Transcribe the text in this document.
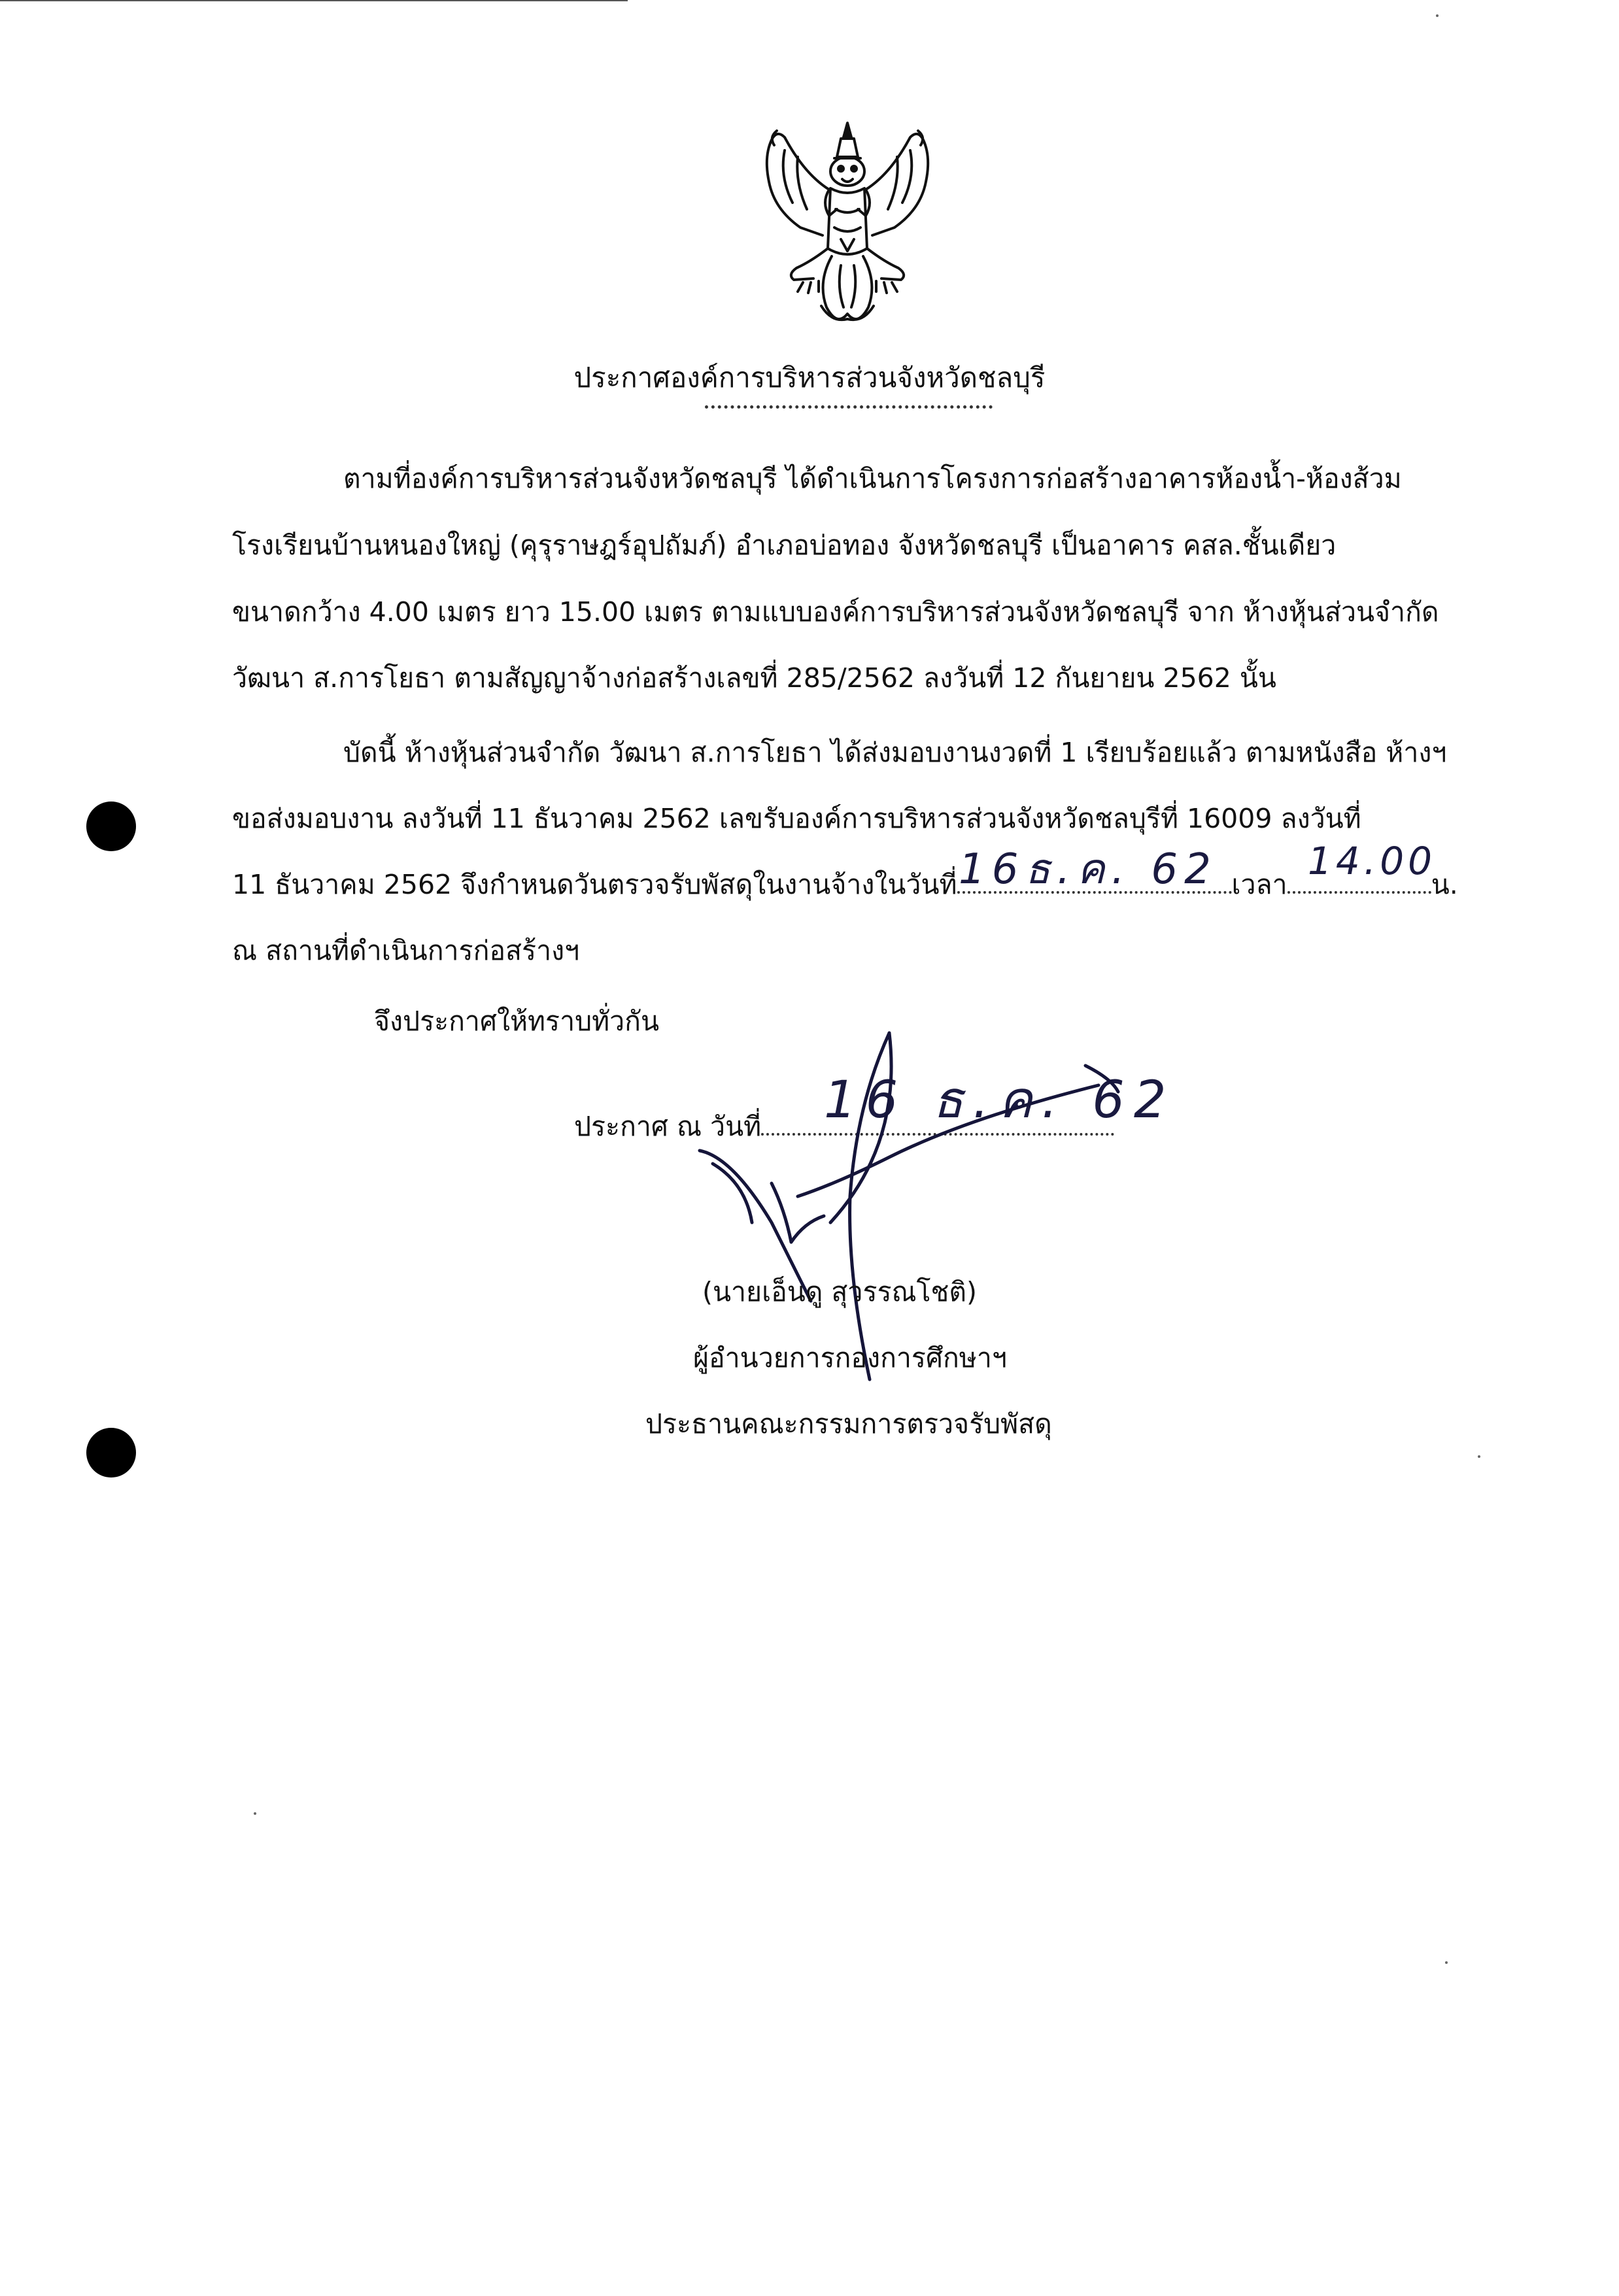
ประกาศองค์การบริหารส่วนจังหวัดชลบุรี
ตามที่องค์การบริหารส่วนจังหวัดชลบุรี ได้ดำเนินการโครงการก่อสร้างอาคารห้องน้ำ-ห้องส้วม
โรงเรียนบ้านหนองใหญ่ (คุรุราษฎร์อุปถัมภ์) อำเภอบ่อทอง จังหวัดชลบุรี เป็นอาคาร คสล.ชั้นเดียว
ขนาดกว้าง 4.00 เมตร ยาว 15.00 เมตร ตามแบบองค์การบริหารส่วนจังหวัดชลบุรี จาก ห้างหุ้นส่วนจำกัด
วัฒนา ส.การโยธา ตามสัญญาจ้างก่อสร้างเลขที่ 285/2562 ลงวันที่ 12 กันยายน 2562 นั้น
บัดนี้ ห้างหุ้นส่วนจำกัด วัฒนา ส.การโยธา ได้ส่งมอบงานงวดที่ 1 เรียบร้อยแล้ว ตามหนังสือ ห้างฯ
ขอส่งมอบงาน ลงวันที่ 11 ธันวาคม 2562 เลขรับองค์การบริหารส่วนจังหวัดชลบุรีที่ 16009 ลงวันที่
11 ธันวาคม 2562 จึงกำหนดวันตรวจรับพัสดุในงานจ้างในวันที่	เวลา	น.
ณ สถานที่ดำเนินการก่อสร้างฯ
16ธ.ค. 62 14.00
จึงประกาศให้ทราบทั่วกัน
ประกาศ ณ วันที่	16 ธ.ค. 62
(นายเอ็นดู สุวรรณโชติ)
ผู้อำนวยการกองการศึกษาฯ
ประธานคณะกรรมการตรวจรับพัสดุ
